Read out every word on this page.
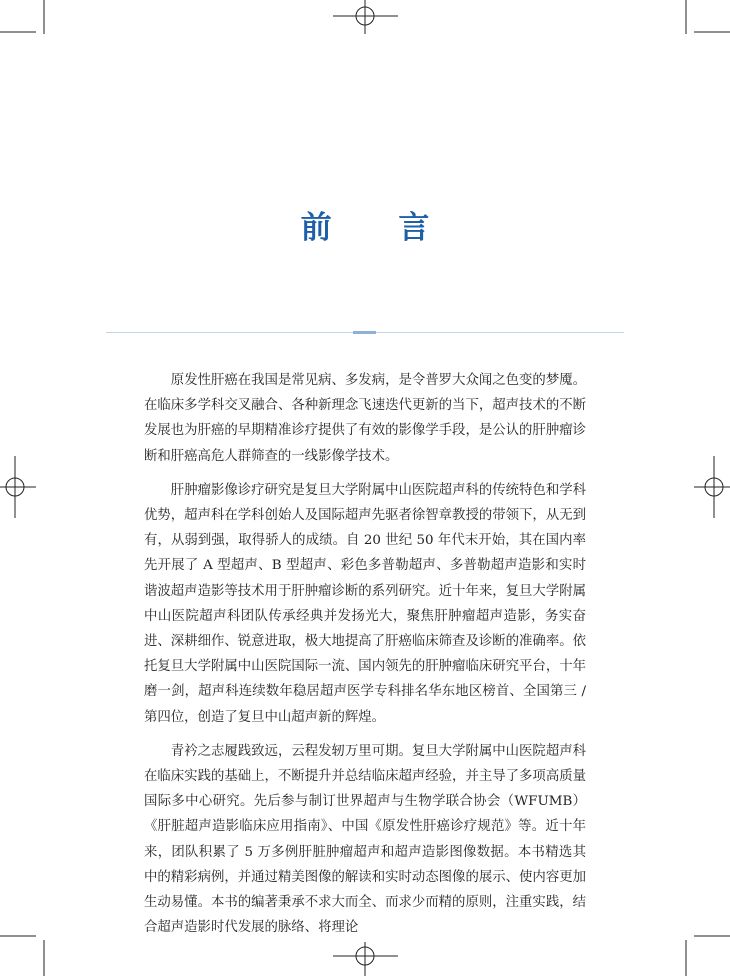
前 言

原发性肝癌在我国是常见病、多发病，是令普罗大众闻之色变的梦魇。在临床多学科交叉融合、各种新理念飞速迭代更新的当下，超声技术的不断发展也为肝癌的早期精准诊疗提供了有效的影像学手段，是公认的肝肿瘤诊断和肝癌高危人群筛查的一线影像学技术。

肝肿瘤影像诊疗研究是复旦大学附属中山医院超声科的传统特色和学科优势，超声科在学科创始人及国际超声先驱者徐智章教授的带领下，从无到有，从弱到强，取得骄人的成绩。自 20 世纪 50 年代末开始，其在国内率先开展了 A 型超声、B 型超声、彩色多普勒超声、多普勒超声造影和实时谐波超声造影等技术用于肝肿瘤诊断的系列研究。近十年来，复旦大学附属中山医院超声科团队传承经典并发扬光大，聚焦肝肿瘤超声造影，务实奋进、深耕细作、锐意进取，极大地提高了肝癌临床筛查及诊断的准确率。依托复旦大学附属中山医院国际一流、国内领先的肝肿瘤临床研究平台，十年磨一剑，超声科连续数年稳居超声医学专科排名华东地区榜首、全国第三 / 第四位，创造了复旦中山超声新的辉煌。

青衿之志履践致远，云程发轫万里可期。复旦大学附属中山医院超声科在临床实践的基础上，不断提升并总结临床超声经验，并主导了多项高质量国际多中心研究。先后参与制订世界超声与生物学联合协会（WFUMB）《肝脏超声造影临床应用指南》、中国《原发性肝癌诊疗规范》等。近十年来，团队积累了 5 万多例肝脏肿瘤超声和超声造影图像数据。本书精选其中的精彩病例，并通过精美图像的解读和实时动态图像的展示、使内容更加生动易懂。本书的编著秉承不求大而全、而求少而精的原则，注重实践，结合超声造影时代发展的脉络、将理论
